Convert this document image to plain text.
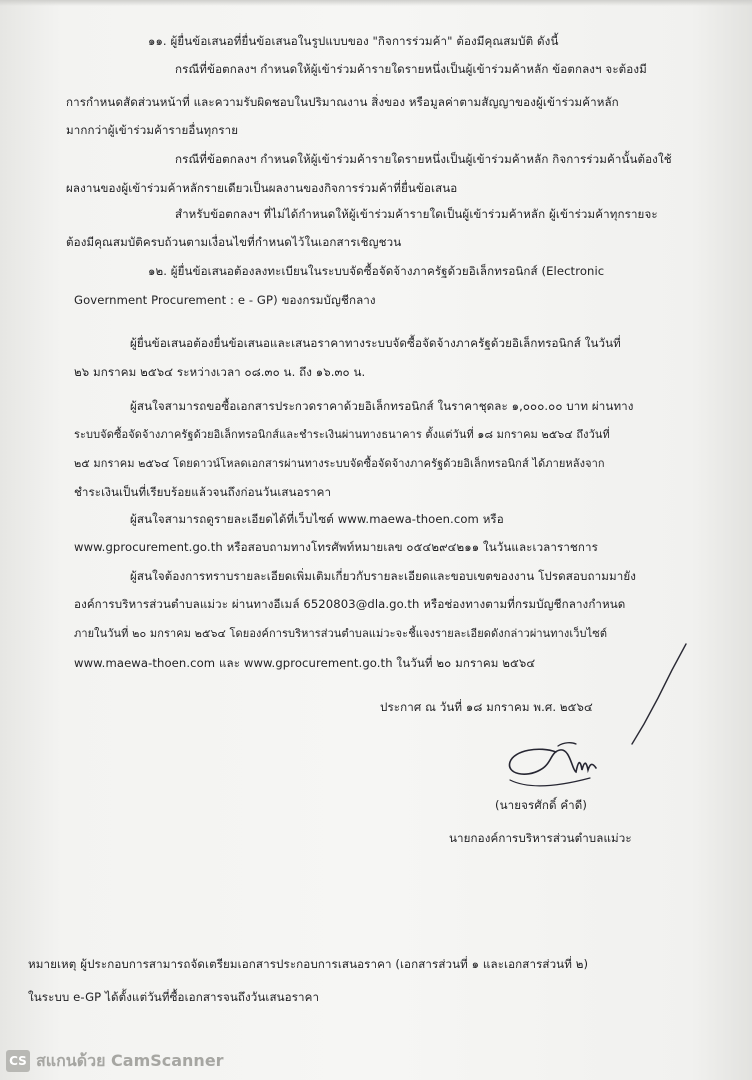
๑๑. ผู้ยื่นข้อเสนอที่ยื่นข้อเสนอในรูปแบบของ "กิจการร่วมค้า" ต้องมีคุณสมบัติ ดังนี้
กรณีที่ข้อตกลงฯ กำหนดให้ผู้เข้าร่วมค้ารายใดรายหนึ่งเป็นผู้เข้าร่วมค้าหลัก ข้อตกลงฯ จะต้องมี
การกำหนดสัดส่วนหน้าที่ และความรับผิดชอบในปริมาณงาน สิ่งของ หรือมูลค่าตามสัญญาของผู้เข้าร่วมค้าหลัก
มากกว่าผู้เข้าร่วมค้ารายอื่นทุกราย
กรณีที่ข้อตกลงฯ กำหนดให้ผู้เข้าร่วมค้ารายใดรายหนึ่งเป็นผู้เข้าร่วมค้าหลัก กิจการร่วมค้านั้นต้องใช้
ผลงานของผู้เข้าร่วมค้าหลักรายเดียวเป็นผลงานของกิจการร่วมค้าที่ยื่นข้อเสนอ
สำหรับข้อตกลงฯ ที่ไม่ได้กำหนดให้ผู้เข้าร่วมค้ารายใดเป็นผู้เข้าร่วมค้าหลัก ผู้เข้าร่วมค้าทุกรายจะ
ต้องมีคุณสมบัติครบถ้วนตามเงื่อนไขที่กำหนดไว้ในเอกสารเชิญชวน
๑๒. ผู้ยื่นข้อเสนอต้องลงทะเบียนในระบบจัดซื้อจัดจ้างภาครัฐด้วยอิเล็กทรอนิกส์ (Electronic
Government Procurement : e - GP) ของกรมบัญชีกลาง
ผู้ยื่นข้อเสนอต้องยื่นข้อเสนอและเสนอราคาทางระบบจัดซื้อจัดจ้างภาครัฐด้วยอิเล็กทรอนิกส์ ในวันที่
๒๖ มกราคม ๒๕๖๔ ระหว่างเวลา ๐๘.๓๐ น. ถึง ๑๖.๓๐ น.
ผู้สนใจสามารถขอซื้อเอกสารประกวดราคาด้วยอิเล็กทรอนิกส์ ในราคาชุดละ ๑,๐๐๐.๐๐ บาท ผ่านทาง
ระบบจัดซื้อจัดจ้างภาครัฐด้วยอิเล็กทรอนิกส์และชำระเงินผ่านทางธนาคาร ตั้งแต่วันที่ ๑๘ มกราคม ๒๕๖๔ ถึงวันที่
๒๕ มกราคม ๒๕๖๔ โดยดาวน์โหลดเอกสารผ่านทางระบบจัดซื้อจัดจ้างภาครัฐด้วยอิเล็กทรอนิกส์ ได้ภายหลังจาก
ชำระเงินเป็นที่เรียบร้อยแล้วจนถึงก่อนวันเสนอราคา
ผู้สนใจสามารถดูรายละเอียดได้ที่เว็บไซต์ www.maewa-thoen.com หรือ
www.gprocurement.go.th หรือสอบถามทางโทรศัพท์หมายเลข ๐๕๔๒๙๔๒๑๑ ในวันและเวลาราชการ
ผู้สนใจต้องการทราบรายละเอียดเพิ่มเติมเกี่ยวกับรายละเอียดและขอบเขตของงาน โปรดสอบถามมายัง
องค์การบริหารส่วนตำบลแม่วะ ผ่านทางอีเมล์ 6520803@dla.go.th หรือช่องทางตามที่กรมบัญชีกลางกำหนด
ภายในวันที่ ๒๐ มกราคม ๒๕๖๔ โดยองค์การบริหารส่วนตำบลแม่วะจะชี้แจงรายละเอียดดังกล่าวผ่านทางเว็บไซต์
www.maewa-thoen.com และ www.gprocurement.go.th ในวันที่ ๒๐ มกราคม ๒๕๖๔
ประกาศ ณ วันที่ ๑๘ มกราคม พ.ศ. ๒๕๖๔
(นายจรศักดิ์ คำดี)
นายกองค์การบริหารส่วนตำบลแม่วะ
หมายเหตุ ผู้ประกอบการสามารถจัดเตรียมเอกสารประกอบการเสนอราคา (เอกสารส่วนที่ ๑ และเอกสารส่วนที่ ๒)
ในระบบ e-GP ได้ตั้งแต่วันที่ซื้อเอกสารจนถึงวันเสนอราคา
CS สแกนด้วย CamScanner
